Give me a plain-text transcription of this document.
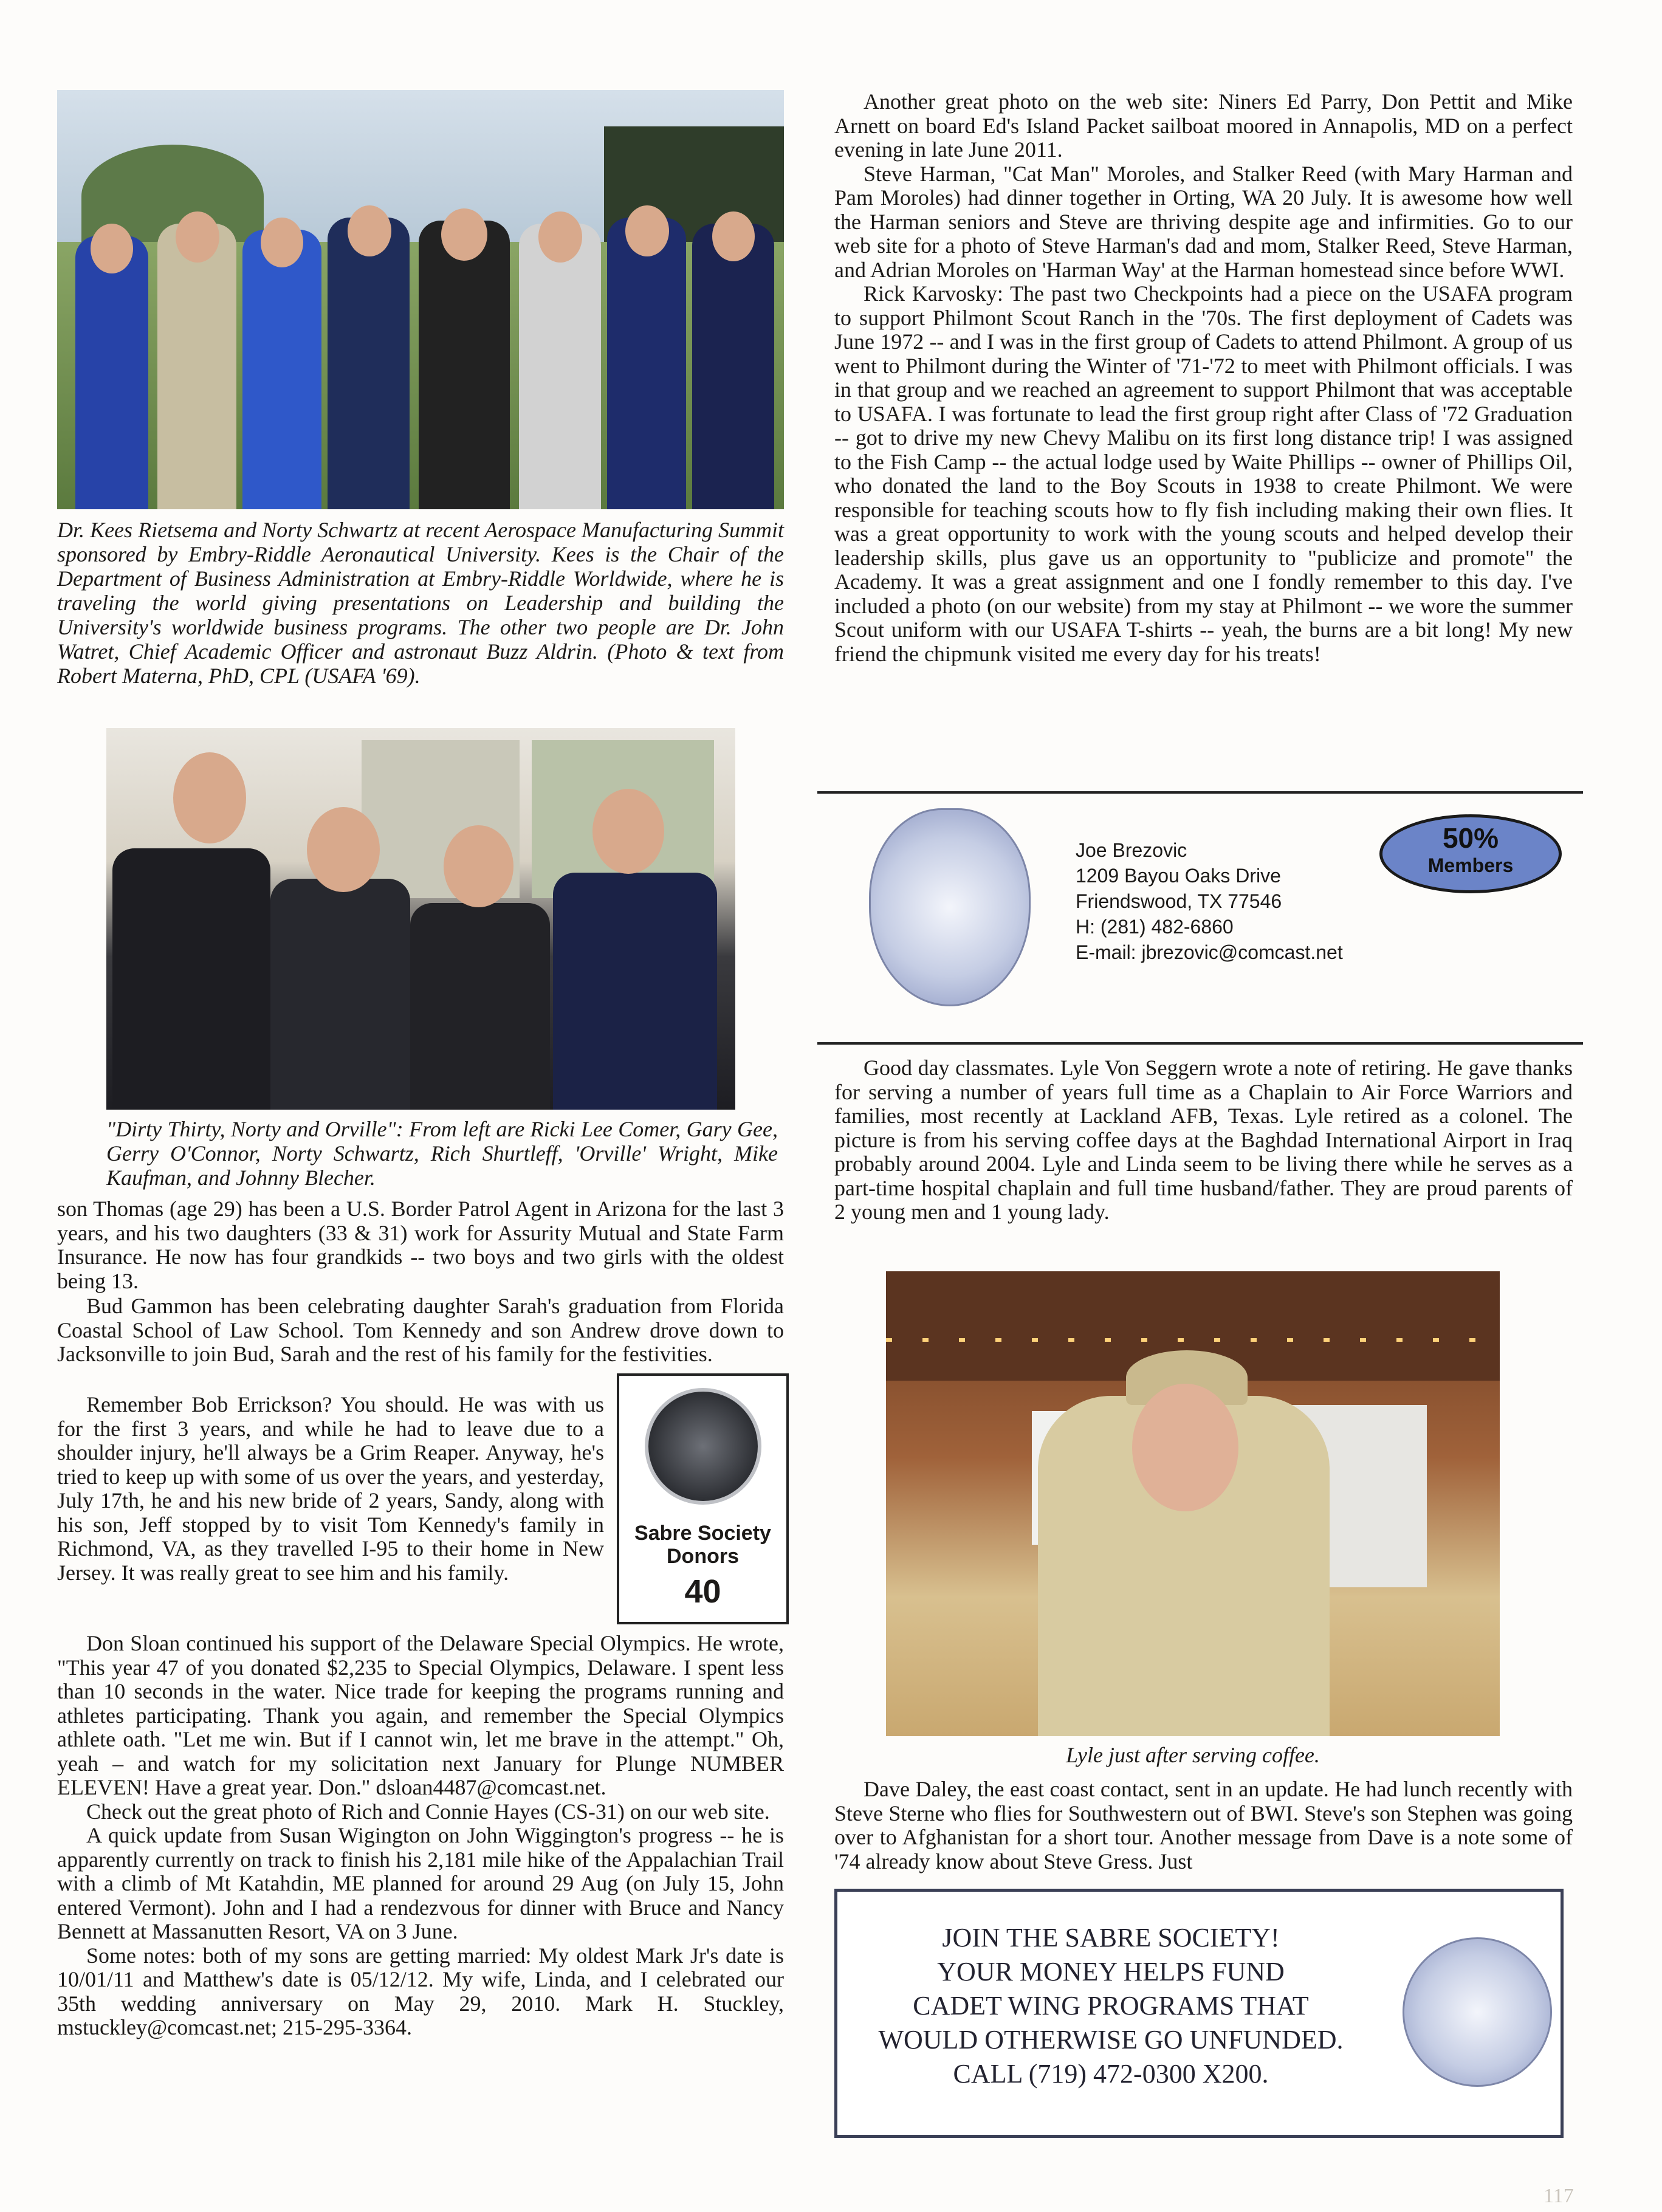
Dr. Kees Rietsema and Norty Schwartz at recent Aerospace Manufacturing Summit sponsored by Embry-Riddle Aeronautical University. Kees is the Chair of the Department of Business Administration at Embry-Riddle Worldwide, where he is traveling the world giving presentations on Leadership and building the University's worldwide business programs. The other two people are Dr. John Watret, Chief Academic Officer and astronaut Buzz Aldrin. (Photo & text from Robert Materna, PhD, CPL (USAFA '69).
"Dirty Thirty, Norty and Orville": From left are Ricki Lee Comer, Gary Gee, Gerry O'Connor, Norty Schwartz, Rich Shurtleff, 'Orville' Wright, Mike Kaufman, and Johnny Blecher.

son Thomas (age 29) has been a U.S. Border Patrol Agent in Arizona for the last 3 years, and his two daughters (33 & 31) work for Assurity Mutual and State Farm Insurance. He now has four grandkids -- two boys and two girls with the oldest being 13.

Bud Gammon has been celebrating daughter Sarah's graduation from Florida Coastal School of Law School. Tom Kennedy and son Andrew drove down to Jacksonville to join Bud, Sarah and the rest of his family for the festivities.

Remember Bob Errickson? You should. He was with us for the first 3 years, and while he had to leave due to a shoulder injury, he'll always be a Grim Reaper. Anyway, he's tried to keep up with some of us over the years, and yesterday, July 17th, he and his new bride of 2 years, Sandy, along with his son, Jeff stopped by to visit Tom Kennedy's family in Richmond, VA, as they travelled I-95 to their home in New Jersey. It was really great to see him and his family.

Sabre Society Donors
40

Don Sloan continued his support of the Delaware Special Olympics. He wrote, "This year 47 of you donated $2,235 to Special Olympics, Delaware. I spent less than 10 seconds in the water. Nice trade for keeping the programs running and athletes participating. Thank you again, and remember the Special Olympics athlete oath. "Let me win. But if I cannot win, let me brave in the attempt." Oh, yeah – and watch for my solicitation next January for Plunge NUMBER ELEVEN! Have a great year. Don." dsloan4487@comcast.net.

Check out the great photo of Rich and Connie Hayes (CS-31) on our web site.

A quick update from Susan Wigington on John Wiggington's progress -- he is apparently currently on track to finish his 2,181 mile hike of the Appalachian Trail with a climb of Mt Katahdin, ME planned for around 29 Aug (on July 15, John entered Vermont). John and I had a rendezvous for dinner with Bruce and Nancy Bennett at Massanutten Resort, VA on 3 June.

Some notes: both of my sons are getting married: My oldest Mark Jr's date is 10/01/11 and Matthew's date is 05/12/12. My wife, Linda, and I celebrated our 35th wedding anniversary on May 29, 2010. Mark H. Stuckley, mstuckley@comcast.net; 215-295-3364.

Another great photo on the web site: Niners Ed Parry, Don Pettit and Mike Arnett on board Ed's Island Packet sailboat moored in Annapolis, MD on a perfect evening in late June 2011.

Steve Harman, "Cat Man" Moroles, and Stalker Reed (with Mary Harman and Pam Moroles) had dinner together in Orting, WA 20 July. It is awesome how well the Harman seniors and Steve are thriving despite age and infirmities. Go to our web site for a photo of Steve Harman's dad and mom, Stalker Reed, Steve Harman, and Adrian Moroles on 'Harman Way' at the Harman homestead since before WWI.

Rick Karvosky: The past two Checkpoints had a piece on the USAFA program to support Philmont Scout Ranch in the '70s. The first deployment of Cadets was June 1972 -- and I was in the first group of Cadets to attend Philmont. A group of us went to Philmont during the Winter of '71-'72 to meet with Philmont officials. I was in that group and we reached an agreement to support Philmont that was acceptable to USAFA. I was fortunate to lead the first group right after Class of '72 Graduation -- got to drive my new Chevy Malibu on its first long distance trip! I was assigned to the Fish Camp -- the actual lodge used by Waite Phillips -- owner of Phillips Oil, who donated the land to the Boy Scouts in 1938 to create Philmont. We were responsible for teaching scouts how to fly fish including making their own flies. It was a great opportunity to work with the young scouts and helped develop their leadership skills, plus gave us an opportunity to "publicize and promote" the Academy. It was a great assignment and one I fondly remember to this day. I've included a photo (on our website) from my stay at Philmont -- we wore the summer Scout uniform with our USAFA T-shirts -- yeah, the burns are a bit long! My new friend the chipmunk visited me every day for his treats!

Joe Brezovic
1209 Bayou Oaks Drive
Friendswood, TX 77546
H: (281) 482-6860
E-mail: jbrezovic@comcast.net
50%
Members

Good day classmates. Lyle Von Seggern wrote a note of retiring. He gave thanks for serving a number of years full time as a Chaplain to Air Force Warriors and families, most recently at Lackland AFB, Texas. Lyle retired as a colonel. The picture is from his serving coffee days at the Baghdad International Airport in Iraq probably around 2004. Lyle and Linda seem to be living there while he serves as a part-time hospital chaplain and full time husband/father. They are proud parents of 2 young men and 1 young lady.

Lyle just after serving coffee.

Dave Daley, the east coast contact, sent in an update. He had lunch recently with Steve Sterne who flies for Southwestern out of BWI. Steve's son Stephen was going over to Afghanistan for a short tour. Another message from Dave is a note some of '74 already know about Steve Gress. Just

JOIN THE SABRE SOCIETY!
YOUR MONEY HELPS FUND
CADET WING PROGRAMS THAT
WOULD OTHERWISE GO UNFUNDED.
CALL (719) 472-0300 X200.
117
